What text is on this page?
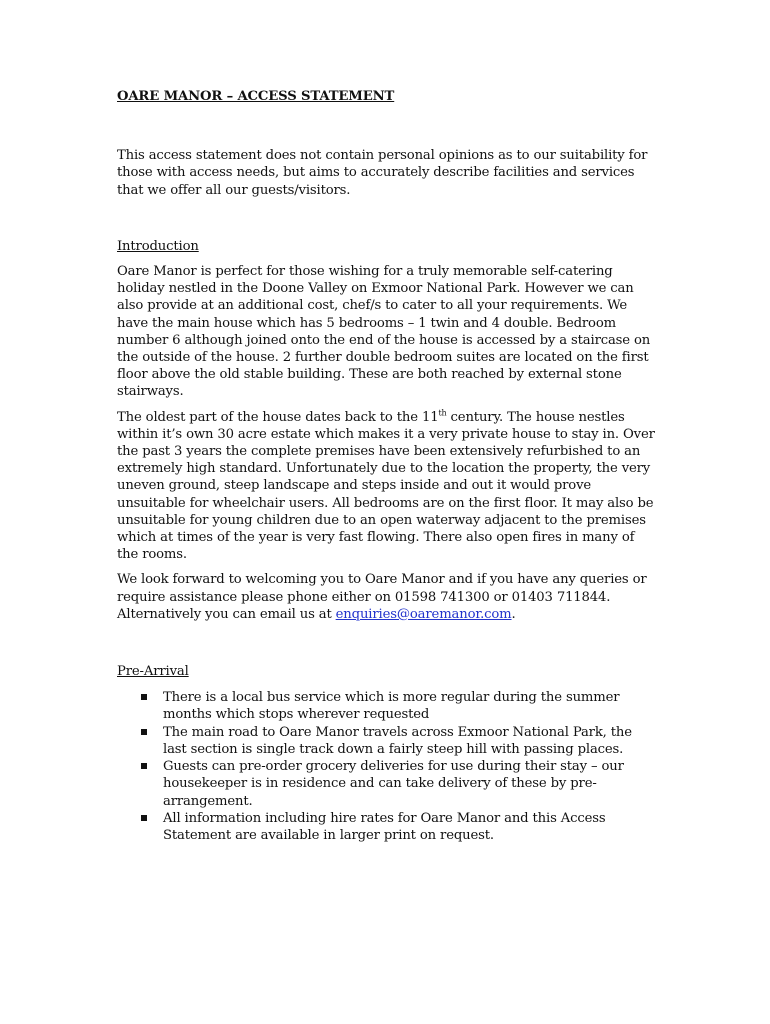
OARE MANOR – ACCESS STATEMENT

This access statement does not contain personal opinions as to our suitability for those with access needs, but aims to accurately describe facilities and services that we offer all our guests/visitors.

Introduction

Oare Manor is perfect for those wishing for a truly memorable self-catering holiday nestled in the Doone Valley on Exmoor National Park. However we can also provide at an additional cost, chef/s to cater to all your requirements. We have the main house which has 5 bedrooms – 1 twin and 4 double. Bedroom number 6 although joined onto the end of the house is accessed by a staircase on the outside of the house. 2 further double bedroom suites are located on the first floor above the old stable building. These are both reached by external stone stairways.

The oldest part of the house dates back to the 11th century. The house nestles within it’s own 30 acre estate which makes it a very private house to stay in. Over the past 3 years the complete premises have been extensively refurbished to an extremely high standard. Unfortunately due to the location the property, the very uneven ground, steep landscape and steps inside and out it would prove unsuitable for wheelchair users. All bedrooms are on the first floor. It may also be unsuitable for young children due to an open waterway adjacent to the premises which at times of the year is very fast flowing. There also open fires in many of the rooms.

We look forward to welcoming you to Oare Manor and if you have any queries or require assistance please phone either on 01598 741300 or 01403 711844. Alternatively you can email us at enquiries@oaremanor.com.

Pre-Arrival

There is a local bus service which is more regular during the summer months which stops wherever requested
The main road to Oare Manor travels across Exmoor National Park, the last section is single track down a fairly steep hill with passing places.
Guests can pre-order grocery deliveries for use during their stay – our housekeeper is in residence and can take delivery of these by pre-arrangement.
All information including hire rates for Oare Manor and this Access Statement are available in larger print on request.
